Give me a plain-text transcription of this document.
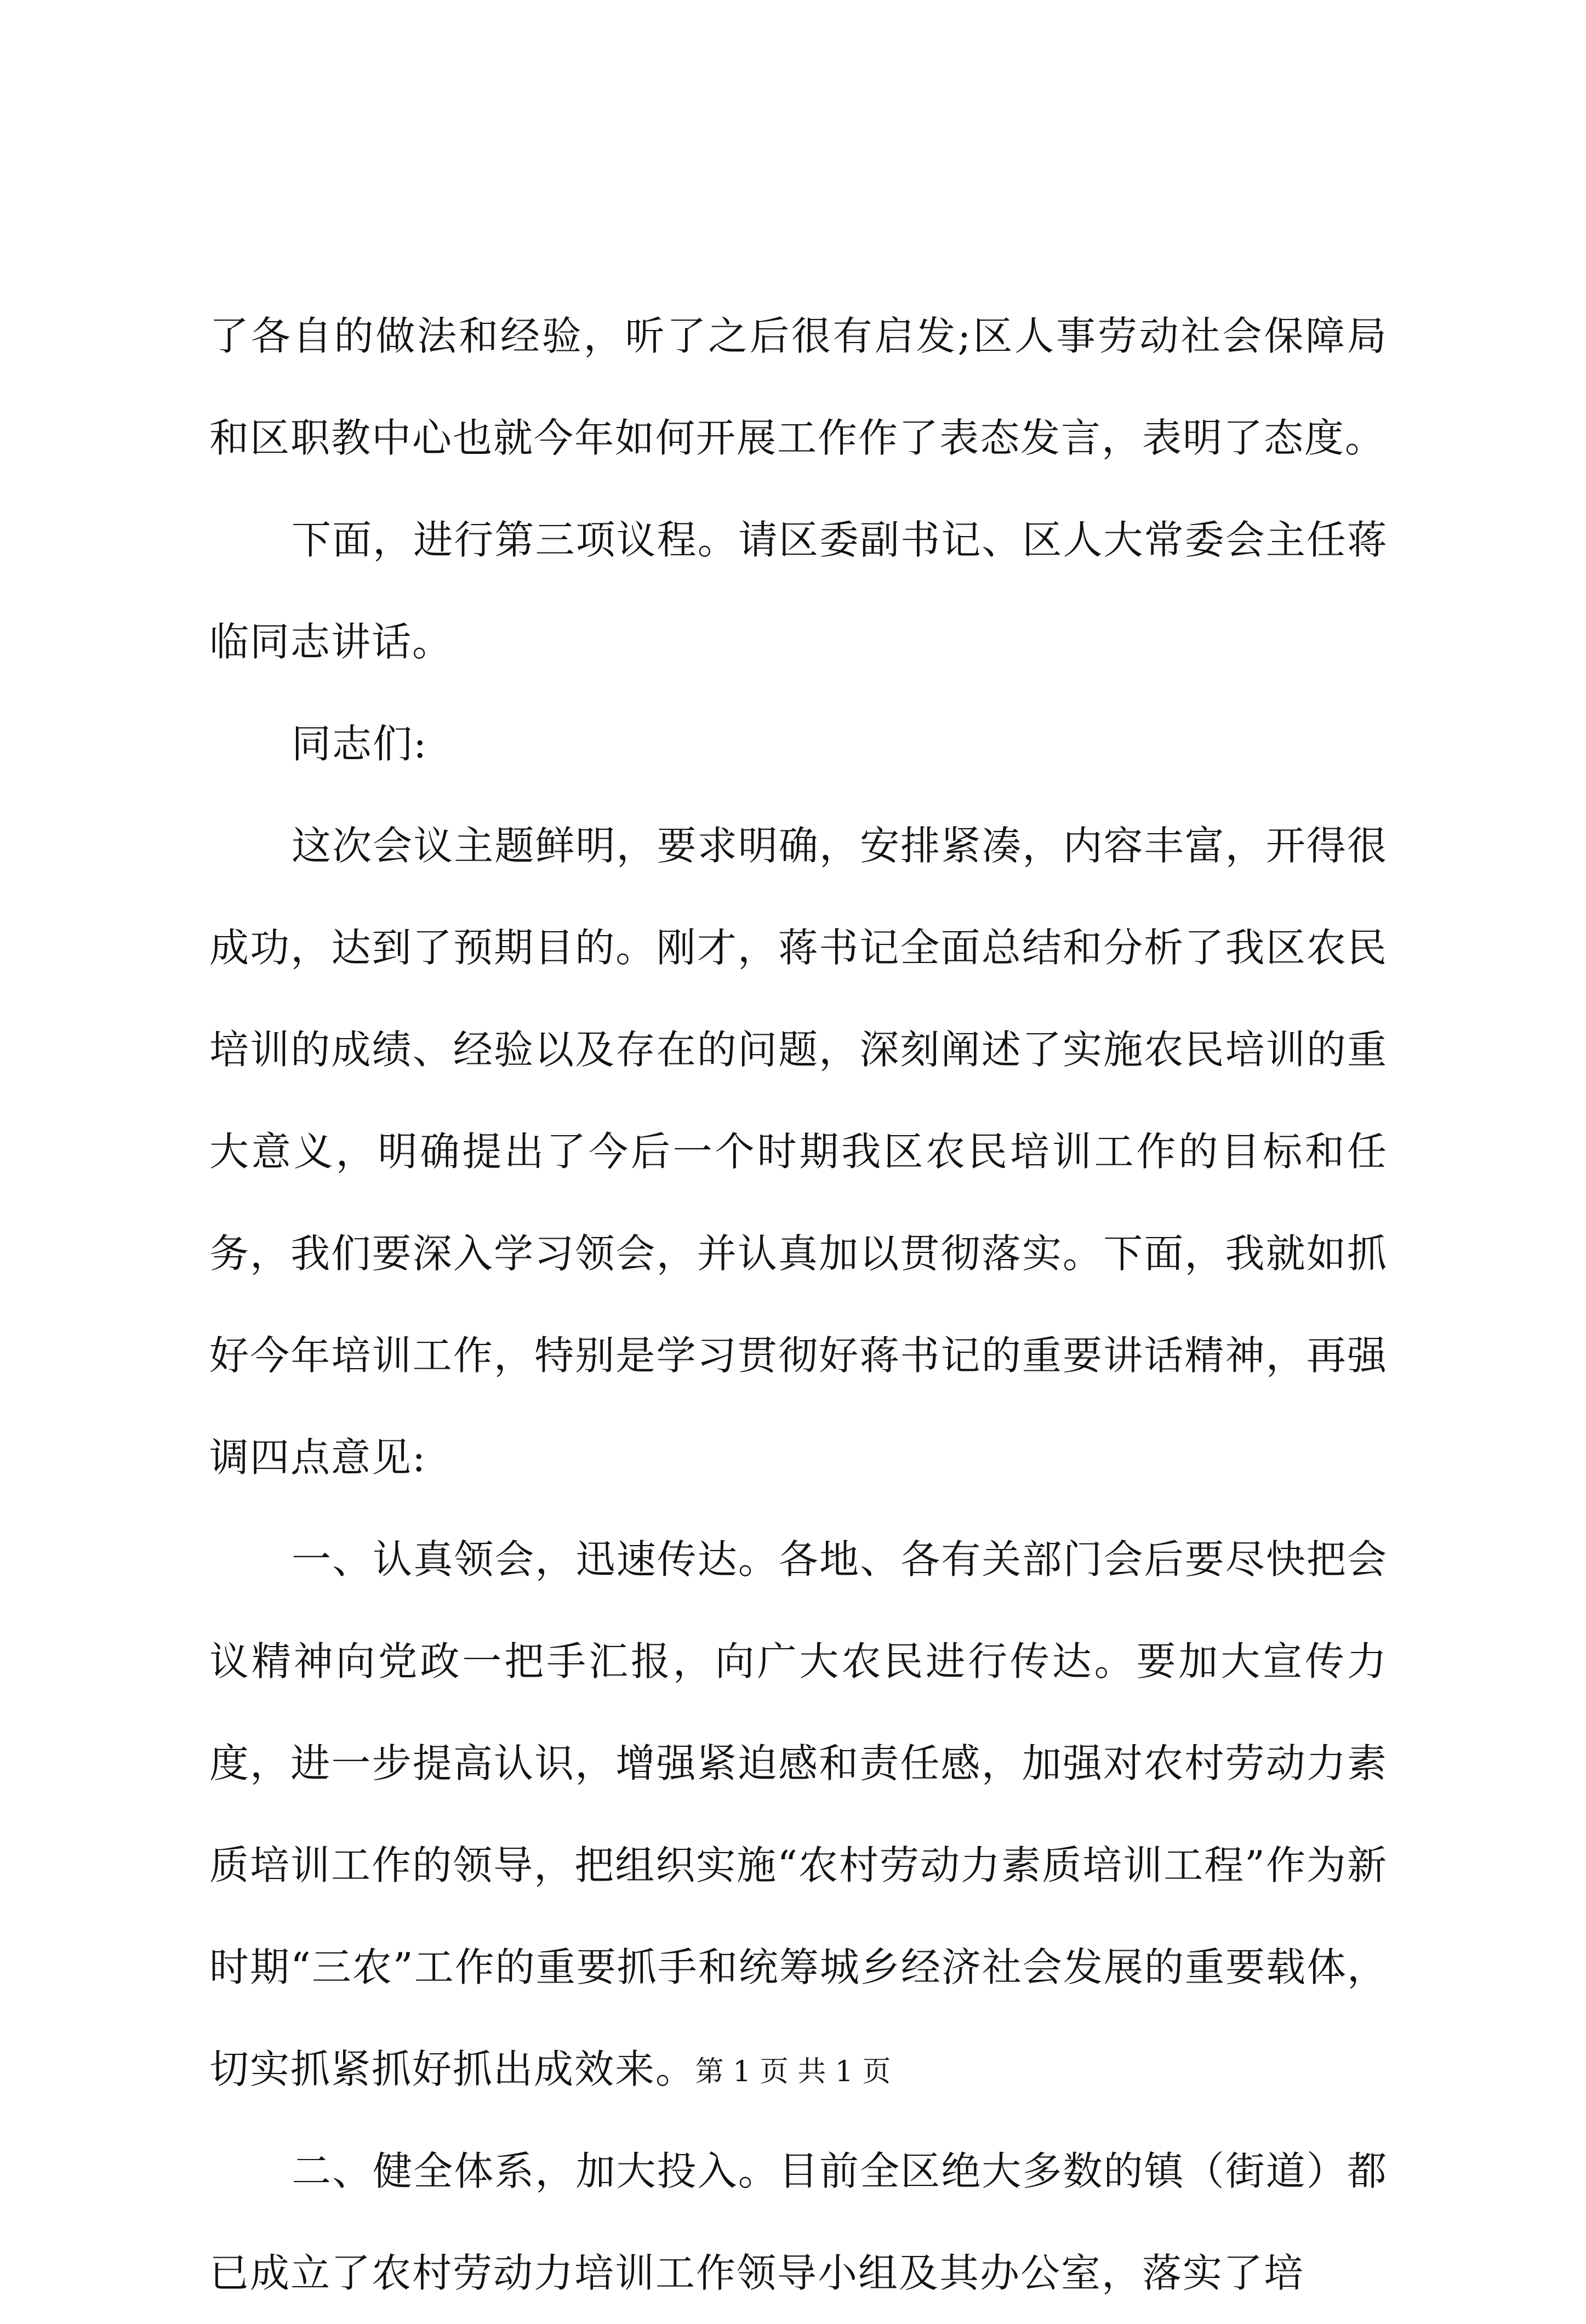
了各自的做法和经验，听了之后很有启发;区人事劳动社会保障局和区职教中心也就今年如何开展工作作了表态发言，表明了态度。

下面，进行第三项议程。请区委副书记、区人大常委会主任蒋临同志讲话。

同志们:

这次会议主题鲜明，要求明确，安排紧凑，内容丰富，开得很成功，达到了预期目的。刚才，蒋书记全面总结和分析了我区农民培训的成绩、经验以及存在的问题，深刻阐述了实施农民培训的重大意义，明确提出了今后一个时期我区农民培训工作的目标和任务，我们要深入学习领会，并认真加以贯彻落实。下面，我就如抓好今年培训工作，特别是学习贯彻好蒋书记的重要讲话精神，再强调四点意见:

一、认真领会，迅速传达。各地、各有关部门会后要尽快把会议精神向党政一把手汇报，向广大农民进行传达。要加大宣传力度，进一步提高认识，增强紧迫感和责任感，加强对农村劳动力素质培训工作的领导，把组织实施“农村劳动力素质培训工程”作为新时期“三农”工作的重要抓手和统筹城乡经济社会发展的重要载体，切实抓紧抓好抓出成效来。

二、健全体系，加大投入。目前全区绝大多数的镇（街道）都已成立了农村劳动力培训工作领导小组及其办公室，落实了培

第 1 页 共 1 页
